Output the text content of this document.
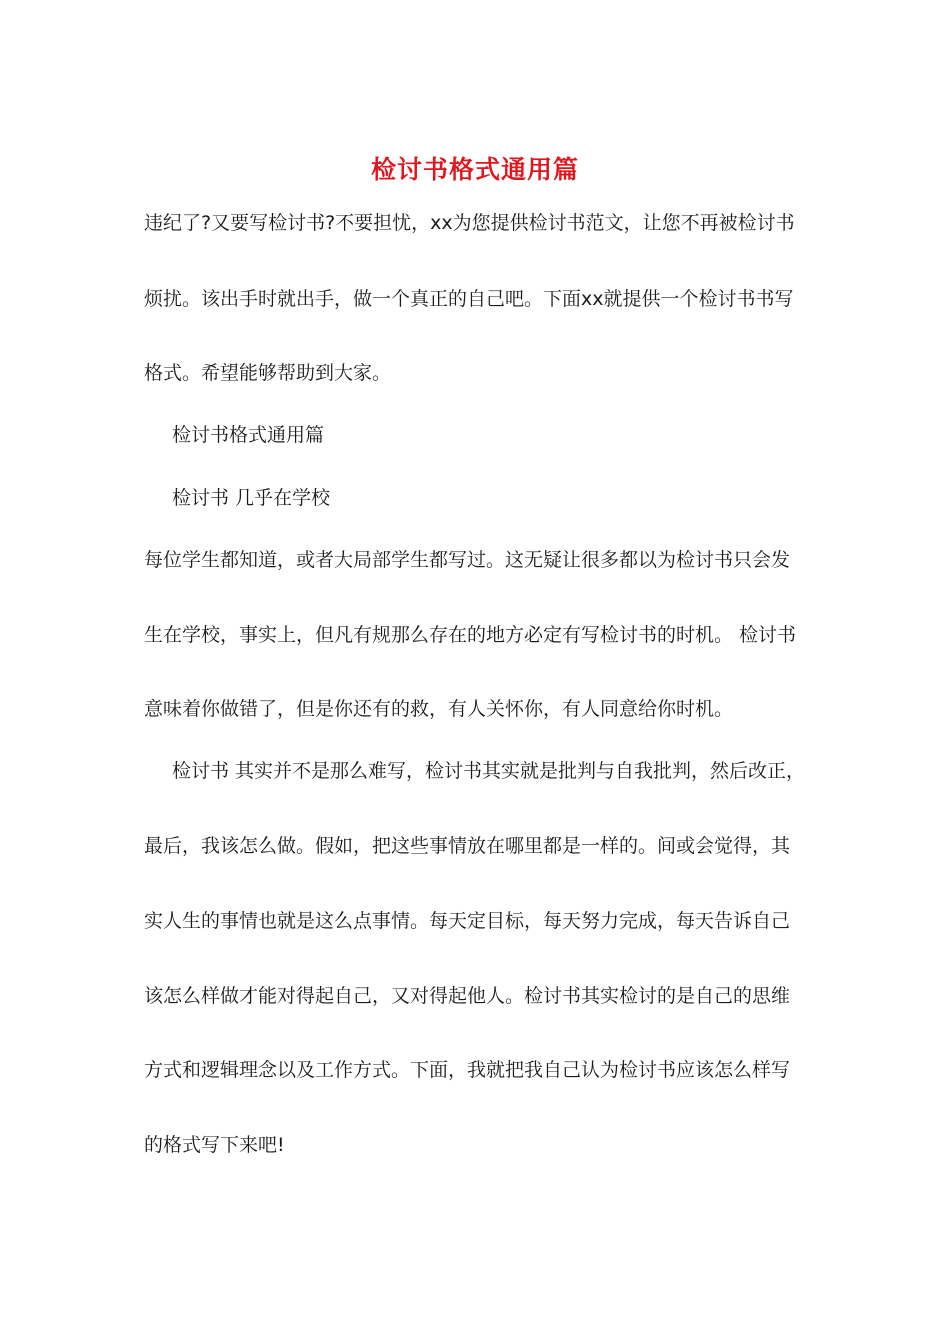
检讨书格式通用篇
违纪了?又要写检讨书?不要担忧，xx为您提供检讨书范文，让您不再被检讨书
烦扰。该出手时就出手，做一个真正的自己吧。下面xx就提供一个检讨书书写
格式。希望能够帮助到大家。
检讨书格式通用篇
检讨书 几乎在学校
每位学生都知道，或者大局部学生都写过。这无疑让很多都以为检讨书只会发
生在学校，事实上，但凡有规那么存在的地方必定有写检讨书的时机。 检讨书
意味着你做错了，但是你还有的救，有人关怀你，有人同意给你时机。
检讨书 其实并不是那么难写，检讨书其实就是批判与自我批判，然后改正，
最后，我该怎么做。假如，把这些事情放在哪里都是一样的。间或会觉得，其
实人生的事情也就是这么点事情。每天定目标，每天努力完成，每天告诉自己
该怎么样做才能对得起自己，又对得起他人。检讨书其实检讨的是自己的思维
方式和逻辑理念以及工作方式。下面，我就把我自己认为检讨书应该怎么样写
的格式写下来吧!
